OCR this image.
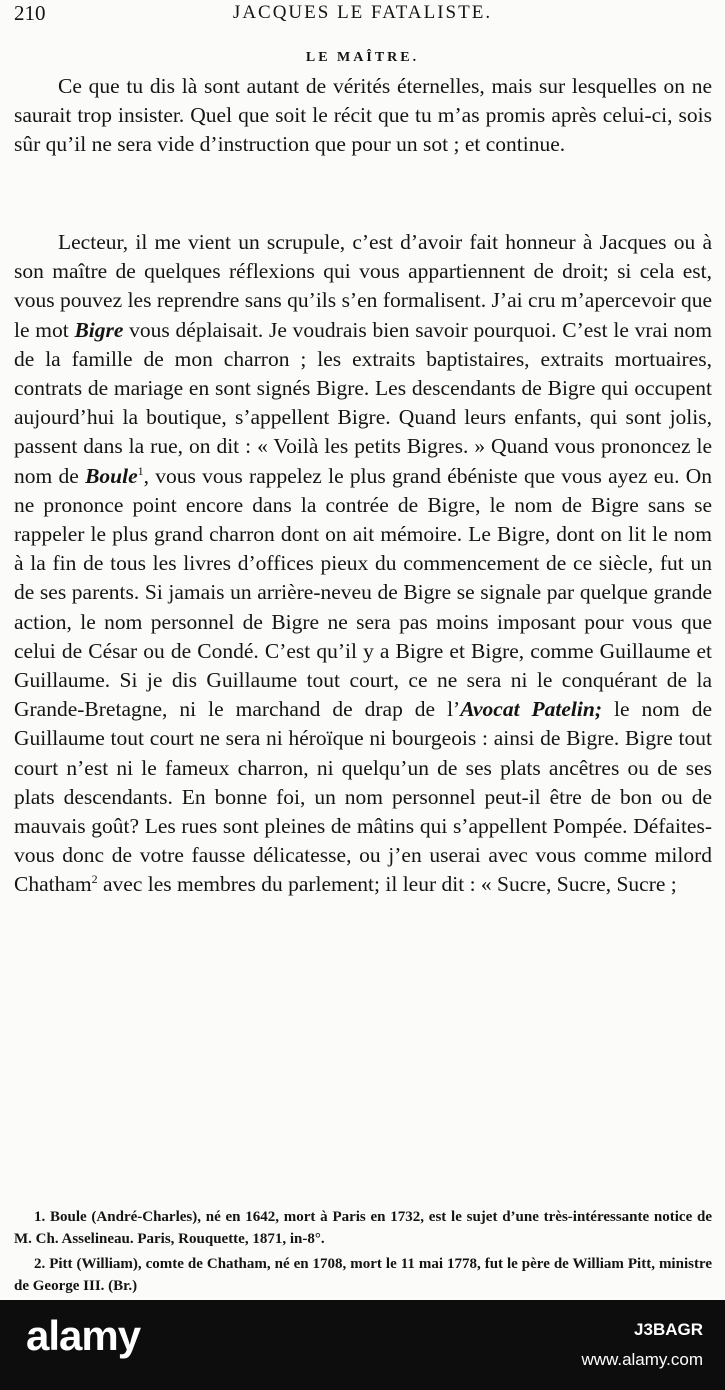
210	JACQUES LE FATALISTE.
LE MAÎTRE.

Ce que tu dis là sont autant de vérités éternelles, mais sur lesquelles on ne saurait trop insister. Quel que soit le récit que tu m’as promis après celui-ci, sois sûr qu’il ne sera vide d’instruction que pour un sot ; et continue.

Lecteur, il me vient un scrupule, c’est d’avoir fait honneur à Jacques ou à son maître de quelques réflexions qui vous appartiennent de droit; si cela est, vous pouvez les reprendre sans qu’ils s’en formalisent. J’ai cru m’apercevoir que le mot Bigre vous déplaisait. Je voudrais bien savoir pourquoi. C’est le vrai nom de la famille de mon charron ; les extraits baptistaires, extraits mortuaires, contrats de mariage en sont signés Bigre. Les descendants de Bigre qui occupent aujourd’hui la boutique, s’appellent Bigre. Quand leurs enfants, qui sont jolis, passent dans la rue, on dit : « Voilà les petits Bigres. » Quand vous prononcez le nom de Boule$^1$, vous vous rappelez le plus grand ébéniste que vous ayez eu. On ne prononce point encore dans la contrée de Bigre, le nom de Bigre sans se rappeler le plus grand charron dont on ait mémoire. Le Bigre, dont on lit le nom à la fin de tous les livres d’offices pieux du commencement de ce siècle, fut un de ses parents. Si jamais un arrière-neveu de Bigre se signale par quelque grande action, le nom personnel de Bigre ne sera pas moins imposant pour vous que celui de César ou de Condé. C’est qu’il y a Bigre et Bigre, comme Guillaume et Guillaume. Si je dis Guillaume tout court, ce ne sera ni le conquérant de la Grande-Bretagne, ni le marchand de drap de l’Avocat Patelin; le nom de Guillaume tout court ne sera ni héroïque ni bourgeois : ainsi de Bigre. Bigre tout court n’est ni le fameux charron, ni quelqu’un de ses plats ancêtres ou de ses plats descendants. En bonne foi, un nom personnel peut-il être de bon ou de mauvais goût? Les rues sont pleines de mâtins qui s’appellent Pompée. Défaites-vous donc de votre fausse délicatesse, ou j’en userai avec vous comme milord Chatham$^2$ avec les membres du parlement; il leur dit : « Sucre, Sucre, Sucre ;

1. Boule (André-Charles), né en 1642, mort à Paris en 1732, est le sujet d’une très-intéressante notice de M. Ch. Asselineau. Paris, Rouquette, 1871, in-8°.

2. Pitt (William), comte de Chatham, né en 1708, mort le 11 mai 1778, fut le père de William Pitt, ministre de George III. (Br.)

alamy	J3BAGR
www.alamy.com
